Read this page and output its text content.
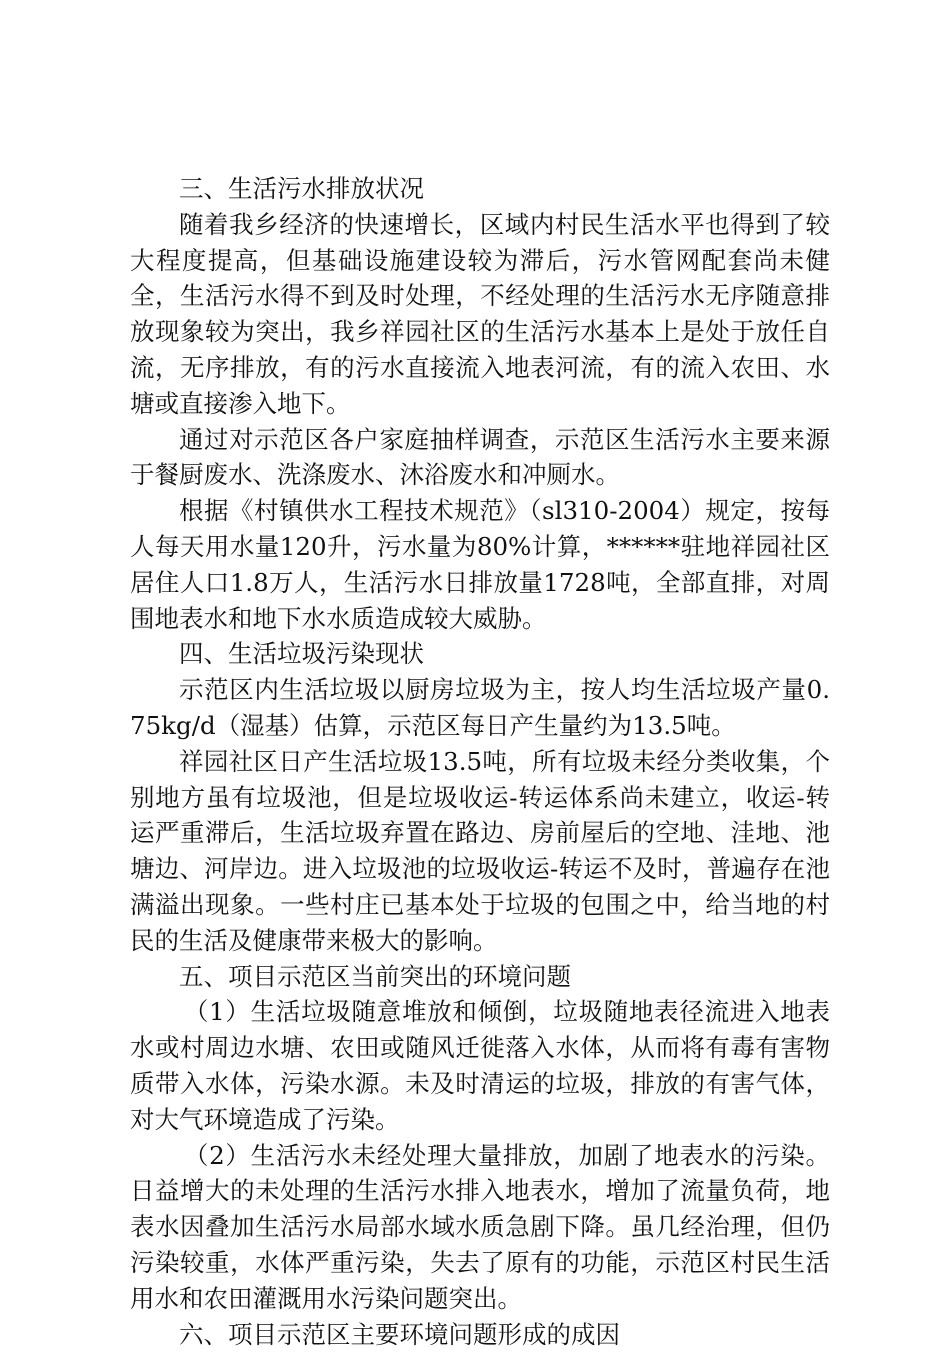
三、生活污水排放状况

随着我乡经济的快速增长，区域内村民生活水平也得到了较大程度提高，但基础设施建设较为滞后，污水管网配套尚未健全，生活污水得不到及时处理，不经处理的生活污水无序随意排放现象较为突出，我乡祥园社区的生活污水基本上是处于放任自流，无序排放，有的污水直接流入地表河流，有的流入农田、水塘或直接渗入地下。

通过对示范区各户家庭抽样调查，示范区生活污水主要来源于餐厨废水、洗涤废水、沐浴废水和冲厕水。

根据《村镇供水工程技术规范》（sl310-2004）规定，按每人每天用水量120升，污水量为80%计算，******驻地祥园社区居住人口1.8万人，生活污水日排放量1728吨，全部直排，对周围地表水和地下水水质造成较大威胁。

四、生活垃圾污染现状

示范区内生活垃圾以厨房垃圾为主，按人均生活垃圾产量0.75kg/d（湿基）估算，示范区每日产生量约为13.5吨。

祥园社区日产生活垃圾13.5吨，所有垃圾未经分类收集，个别地方虽有垃圾池，但是垃圾收运-转运体系尚未建立，收运-转运严重滞后，生活垃圾弃置在路边、房前屋后的空地、洼地、池塘边、河岸边。进入垃圾池的垃圾收运-转运不及时，普遍存在池满溢出现象。一些村庄已基本处于垃圾的包围之中，给当地的村民的生活及健康带来极大的影响。

五、项目示范区当前突出的环境问题

（1）生活垃圾随意堆放和倾倒，垃圾随地表径流进入地表水或村周边水塘、农田或随风迁徙落入水体，从而将有毒有害物质带入水体，污染水源。未及时清运的垃圾，排放的有害气体，对大气环境造成了污染。

（2）生活污水未经处理大量排放，加剧了地表水的污染。日益增大的未处理的生活污水排入地表水，增加了流量负荷，地表水因叠加生活污水局部水域水质急剧下降。虽几经治理，但仍污染较重，水体严重污染，失去了原有的功能，示范区村民生活用水和农田灌溉用水污染问题突出。

六、项目示范区主要环境问题形成的成因
